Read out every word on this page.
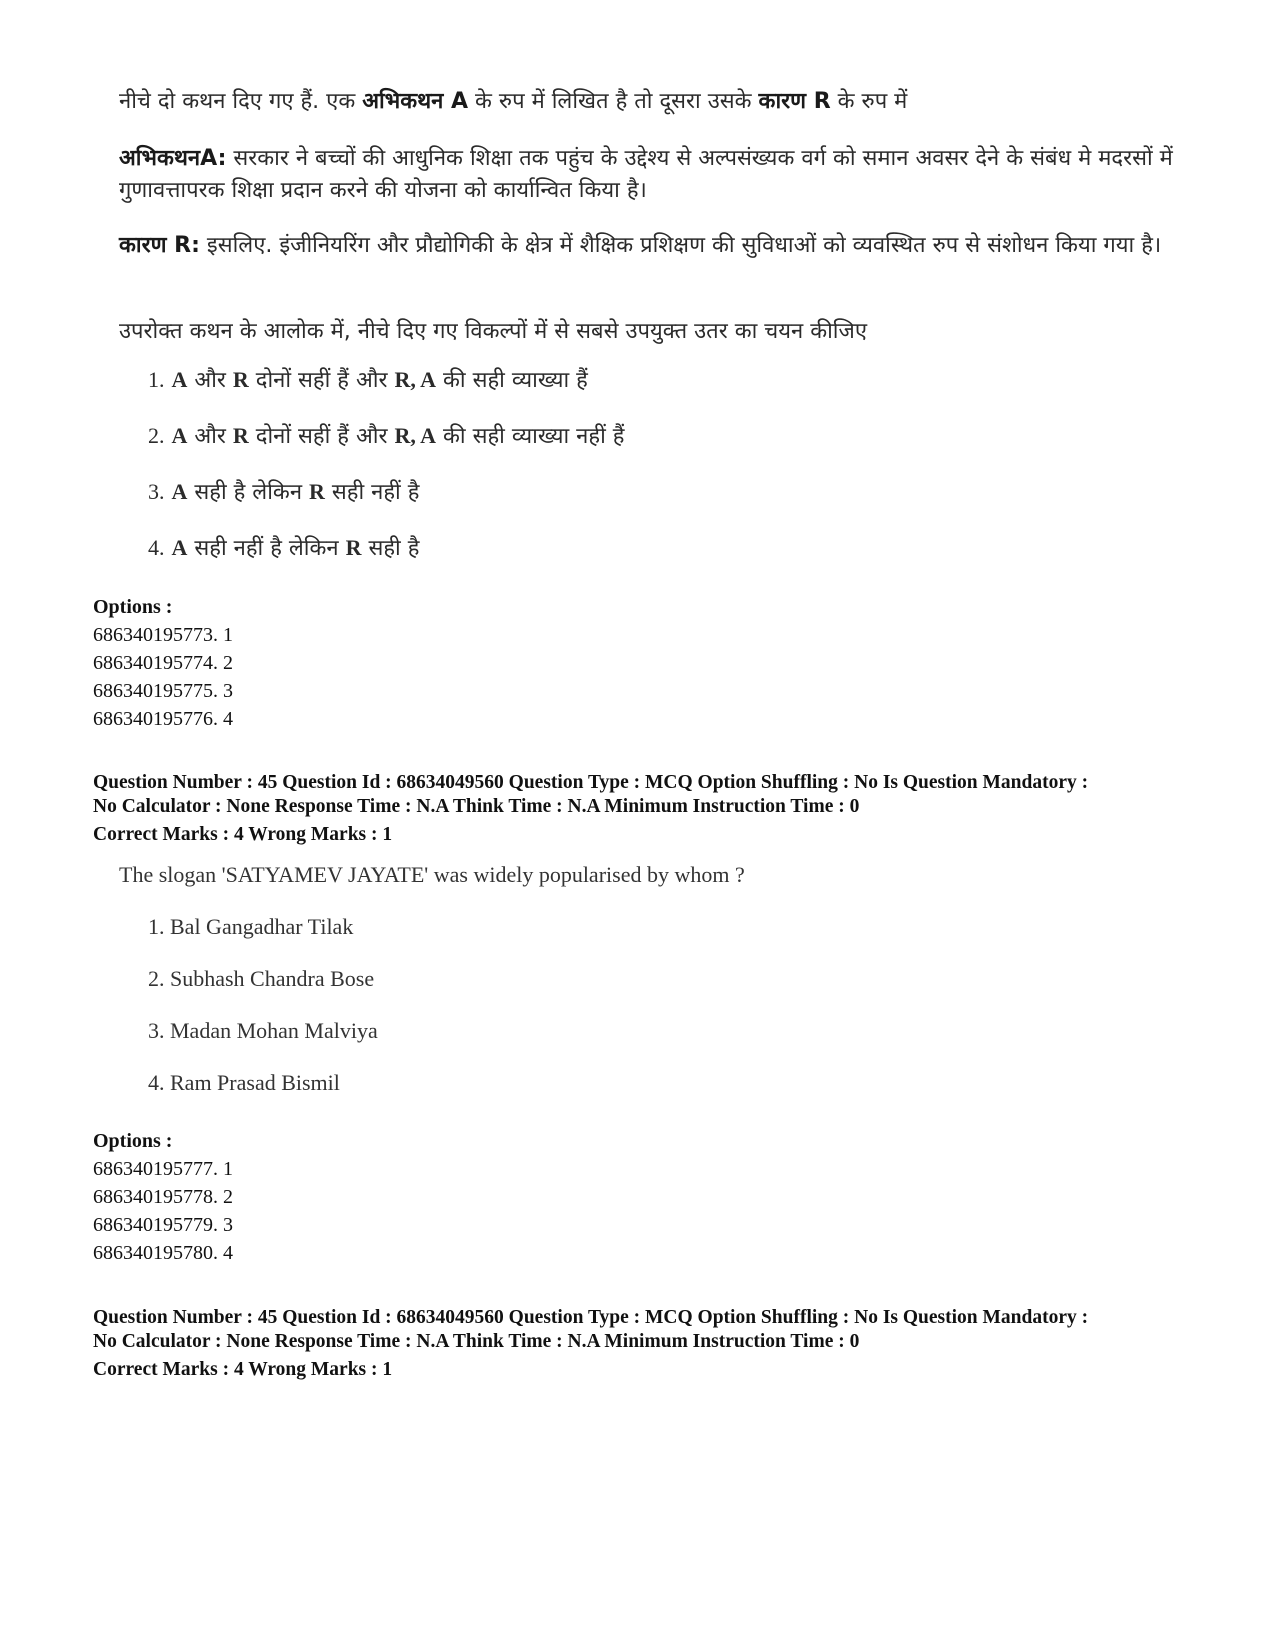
नीचे दो कथन दिए गए हैं. एक अभिकथन A के रुप में लिखित है तो दूसरा उसके कारण R के रुप में

अभिकथनA: सरकार ने बच्चों की आधुनिक शिक्षा तक पहुंच के उद्देश्य से अल्पसंख्यक वर्ग को समान अवसर देने के संबंध मे मदरसों में गुणावत्तापरक शिक्षा प्रदान करने की योजना को कार्यान्वित किया है।

कारण R: इसलिए. इंजीनियरिंग और प्रौद्योगिकी के क्षेत्र में शैक्षिक प्रशिक्षण की सुविधाओं को व्यवस्थित रुप से संशोधन किया गया है।

उपरोक्त कथन के आलोक में, नीचे दिए गए विकल्पों में से सबसे उपयुक्त उतर का चयन कीजिए

1. A और R दोनों सहीं हैं और R, A की सही व्याख्या हैं
2. A और R दोनों सहीं हैं और R, A की सही व्याख्या नहीं हैं
3. A सही है लेकिन R सही नहीं है
4. A सही नहीं है लेकिन R सही है
Options :
686340195773. 1
686340195774. 2
686340195775. 3
686340195776. 4
Question Number : 45 Question Id : 68634049560 Question Type : MCQ Option Shuffling : No Is Question Mandatory :
No Calculator : None Response Time : N.A Think Time : N.A Minimum Instruction Time : 0
Correct Marks : 4 Wrong Marks : 1
The slogan 'SATYAMEV JAYATE' was widely popularised by whom ?
1. Bal Gangadhar Tilak
2. Subhash Chandra Bose
3. Madan Mohan Malviya
4. Ram Prasad Bismil
Options :
686340195777. 1
686340195778. 2
686340195779. 3
686340195780. 4
Question Number : 45 Question Id : 68634049560 Question Type : MCQ Option Shuffling : No Is Question Mandatory :
No Calculator : None Response Time : N.A Think Time : N.A Minimum Instruction Time : 0
Correct Marks : 4 Wrong Marks : 1
